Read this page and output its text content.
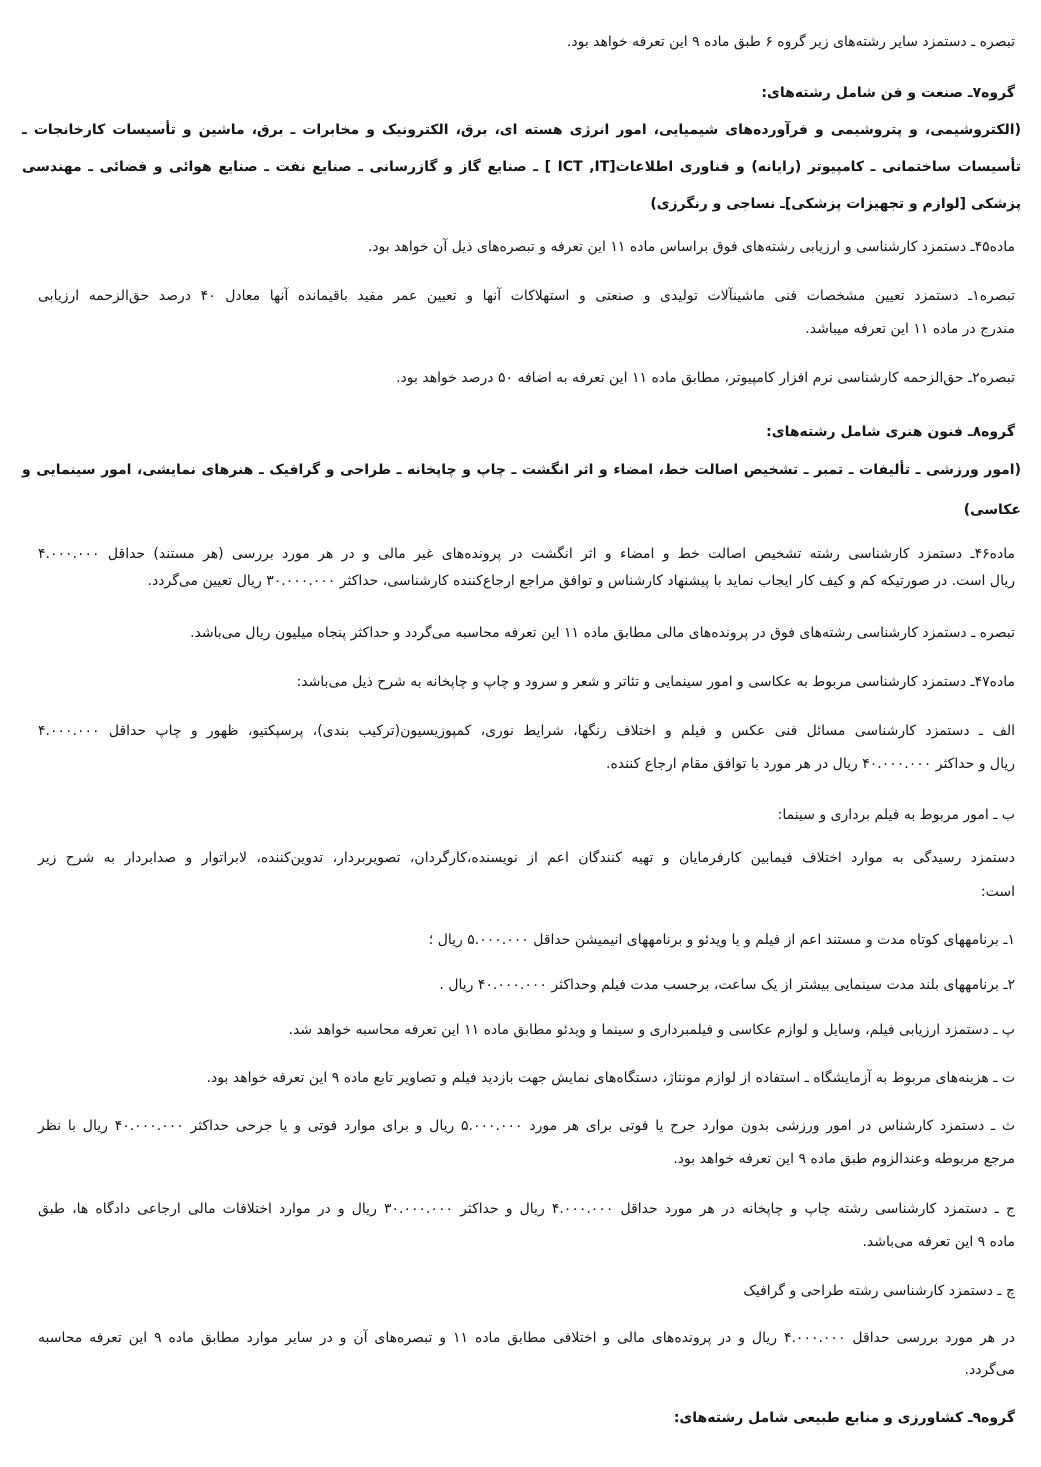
تبصره ـ دستمزد سایر رشته‌های زیر گروه ۶ طبق ماده ۹ این تعرفه خواهد بود.
گروه۷ـ صنعت و فن شامل رشته‌های:
(الکتروشیمی، و پتروشیمی و فرآورده‌های شیمیایی، امور انرژی هسته ای، برق، الکترونیک و مخابرات ـ برق، ماشین و تأسیسات کارخانجات ـ
تأسیسات ساختمانی ـ کامپیوتر (رایانه) و فناوری اطلاعات[ICT ,IT ] ـ صنایع گاز و گازرسانی ـ صنایع نفت ـ صنایع هوائی و فضائی ـ مهندسی
پزشکی [لوازم و تجهیزات پزشکی]ـ نساجی و رنگرزی)
ماده۴۵ـ دستمزد کارشناسی و ارزیابی رشته‌های فوق براساس ماده ۱۱ این تعرفه و تبصره‌های ذیل آن خواهد بود.
تبصره۱ـ دستمزد تعیین مشخصات فنی ماشینآلات تولیدی و صنعتی و استهلاکات آنها و تعیین عمر مفید باقیمانده آنها معادل ۴۰ درصد حق‌الزحمه ارزیابی
مندرج در ماده ۱۱ این تعرفه میباشد.
تبصره۲ـ حق‌الزحمه کارشناسی نرم افزار کامپیوتر، مطابق ماده ۱۱ این تعرفه به اضافه ۵۰ درصد خواهد بود.
گروه۸ـ فنون هنری شامل رشته‌های:
(امور ورزشی ـ تألیفات ـ تمبر ـ تشخیص اصالت خط، امضاء و اثر انگشت ـ چاپ و چاپخانه ـ طراحی و گرافیک ـ هنرهای نمایشی، امور سینمایی و
عکاسی)
ماده۴۶ـ دستمزد کارشناسی رشته تشخیص اصالت خط و امضاء و اثر انگشت در پرونده‌های غیر مالی و در هر مورد بررسی (هر مستند) حداقل ۴.۰۰۰.۰۰۰
ریال است. در صورتیکه کم و کیف کار ایجاب نماید با پیشنهاد کارشناس و توافق مراجع ارجاع‌کننده کارشناسی، حداکثر ۳۰.۰۰۰.۰۰۰ ریال تعیین می‌گردد.
تبصره ـ دستمزد کارشناسی رشته‌های فوق در پرونده‌های مالی مطابق ماده ۱۱ این تعرفه محاسبه می‌گردد و حداکثر پنجاه میلیون ریال می‌باشد.
ماده۴۷ـ دستمزد کارشناسی مربوط به عکاسی و امور سینمایی و تئاتر و شعر و سرود و چاپ و چاپخانه به شرح ذیل می‌باشد:
الف ـ دستمزد کارشناسی مسائل فنی عکس و فیلم و اختلاف رنگها، شرایط نوری، کمپوزیسیون(ترکیب بندی)، پرسپکتیو، ظهور و چاپ حداقل ۴.۰۰۰.۰۰۰
ریال و حداکثر ۴۰.۰۰۰.۰۰۰ ریال در هر مورد با توافق مقام ارجاع کننده.
ب ـ امور مربوط به فیلم برداری و سینما:
دستمزد رسیدگی به موارد اختلاف فیمابین کارفرمایان و تهیه کنندگان اعم از نویسنده،کارگردان، تصویربردار، تدوین‌کننده، لابراتوار و صدابردار به شرح زیر
است:
۱ـ برنامههای کوتاه مدت و مستند اعم از فیلم و یا ویدئو و برنامههای انیمیشن حداقل ۵.۰۰۰.۰۰۰ ریال ؛
۲ـ برنامههای بلند مدت سینمایی بیشتر از یک ساعت، برحسب مدت فیلم وحداکثر ۴۰.۰۰۰.۰۰۰ ریال .
پ ـ دستمزد ارزیابی فیلم، وسایل و لوازم عکاسی و فیلمبرداری و سینما و ویدئو مطابق ماده ۱۱ این تعرفه محاسبه خواهد شد.
ت ـ هزینه‌های مربوط به آزمایشگاه ـ استفاده از لوازم مونتاژ، دستگاه‌های نمایش جهت بازدید فیلم و تصاویر تابع ماده ۹ این تعرفه خواهد بود.
ث ـ دستمزد کارشناس در امور ورزشی بدون موارد جرح یا فوتی برای هر مورد ۵.۰۰۰.۰۰۰ ریال و برای موارد فوتی و یا جرحی حداکثر ۴۰.۰۰۰.۰۰۰ ریال با نظر
مرجع مربوطه وعندالزوم طبق ماده ۹ این تعرفه خواهد بود.
ج ـ دستمزد کارشناسی رشته چاپ و چاپخانه در هر مورد حداقل ۴.۰۰۰.۰۰۰ ریال و حداکثر ۳۰.۰۰۰.۰۰۰ ریال و در موارد اختلافات مالی ارجاعی دادگاه ها، طبق
ماده ۹ این تعرفه می‌باشد.
چ ـ دستمزد کارشناسی رشته طراحی و گرافیک
در هر مورد بررسی حداقل ۴.۰۰۰.۰۰۰ ریال و در پرونده‌های مالی و اختلافی مطابق ماده ۱۱ و تبصره‌های آن و در سایر موارد مطابق ماده ۹ این تعرفه محاسبه
می‌گردد.
گروه۹ـ کشاورزی و منابع طبیعی شامل رشته‌های:
